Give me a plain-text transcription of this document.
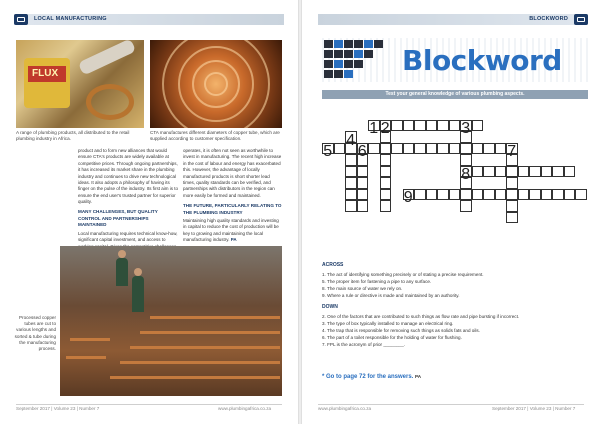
LOCAL MANUFACTURING
FLUX
A range of plumbing products, all distributed to the retail plumbing industry in Africa.
CTA manufactures different diameters of copper tube, which are supplied according to customer specification.

product and to form new alliances that would ensure CTA's products are widely available at competitive prices. Through ongoing partnerships, it has increased its market share in the plumbing industry and continues to drive new technological ideas. It also adopts a philosophy of having its finger on the pulse of the industry. Its first aim is to ensure the end user's trusted partner for superior quality.

MANY CHALLENGES, BUT QUALITY CONTROL AND PARTNERSHIPS MAINTAINED

Local manufacturing requires technical know-how, significant capital investment, and access to

operates, it is often not seen as worthwhile to invest in manufacturing. The recent high increase in the cost of labour and energy has exacerbated this. However, the advantage of locally manufactured products is short shorter lead times, quality standards can be verified, and partnerships with distributors in the region can more easily be formed and maintained.

THE FUTURE, PARTICULARLY RELATING TO THE PLUMBING INDUSTRY

Maintaining high quality standards and investing in capital to reduce the cost of production will be key to growing and maintaining the local manufacturing industry. PA

Processed copper tubes are cut to various lengths and sorted & tube during the manufacturing process.
September 2017 | Volume 23 | Number 7	www.plumbingafrica.co.za
BLOCKWORD
Blockword
Test your general knowledge of various plumbing aspects.
1 2	3
4
5 6	7
8
9
ACROSS
1. The act of identifying something precisely or of stating a precise requirement.
5. The proper item for fastening a pipe to any surface.
8. The main source of water we rely on.
9. Where a rule or directive is made and maintained by an authority.
DOWN
2. One of the factors that are contributed to such things as flow rate and pipe bursting if incorrect.
3. The type of box typically installed to manage an electrical ring.
4. The trap that is responsible for removing such things as solids fats and oils.
6. The part of a toilet responsible for the holding of water for flushing.
7. FPL is the acronym of prior ________.
* Go to page 72 for the answers. PA
www.plumbingafrica.co.za	September 2017 | Volume 23 | Number 7
